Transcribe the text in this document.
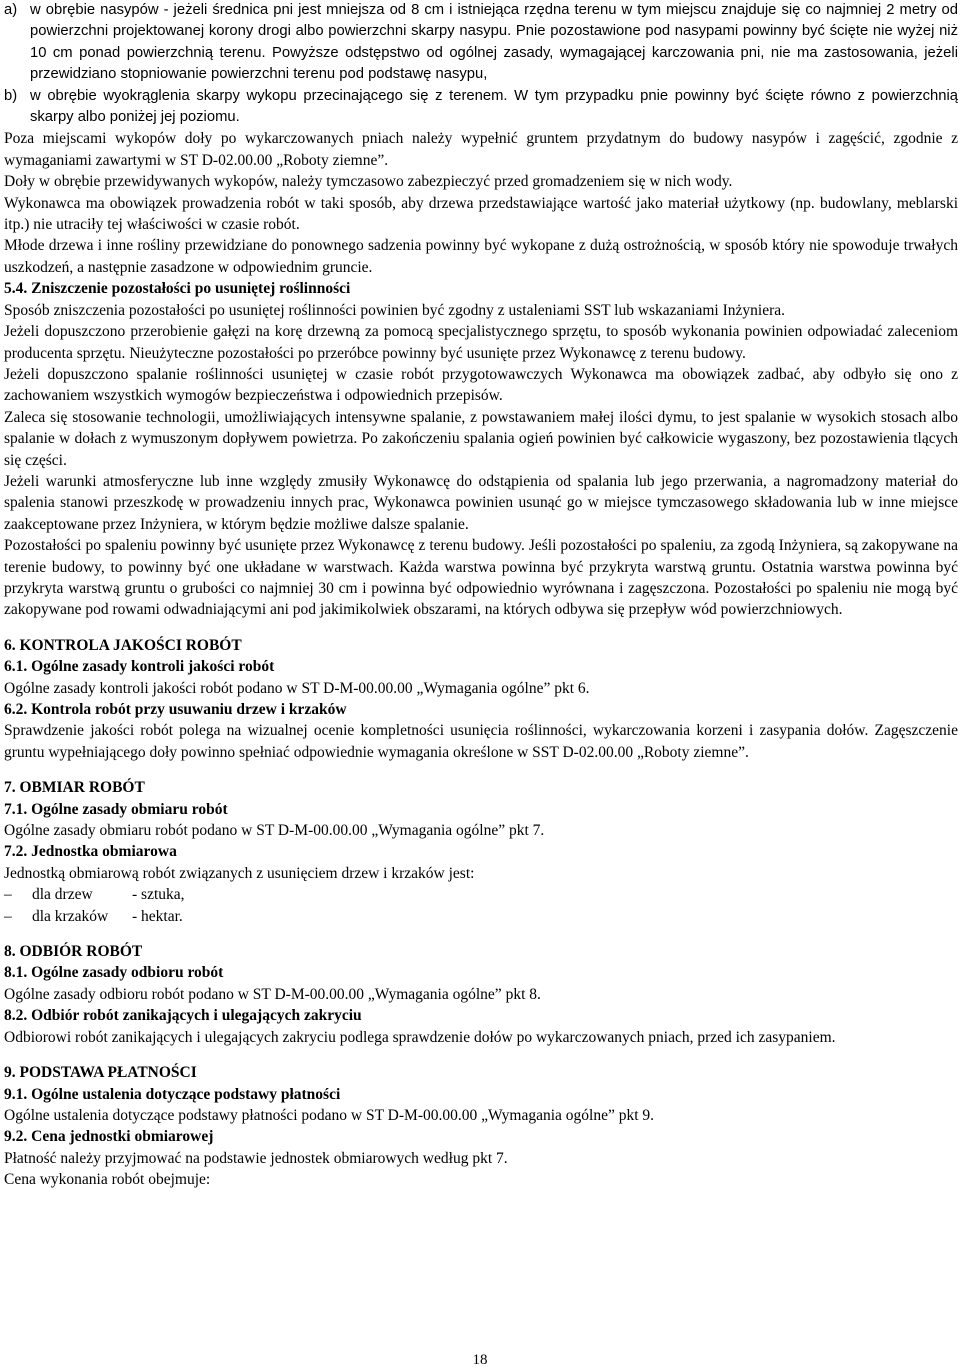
a) w obrębie nasypów - jeżeli średnica pni jest mniejsza od 8 cm i istniejąca rzędna terenu w tym miejscu znajduje się co najmniej 2 metry od powierzchni projektowanej korony drogi albo powierzchni skarpy nasypu. Pnie pozostawione pod nasypami powinny być ścięte nie wyżej niż 10 cm ponad powierzchnią terenu. Powyższe odstępstwo od ogólnej zasady, wymagającej karczowania pni, nie ma zastosowania, jeżeli przewidziano stopniowanie powierzchni terenu pod podstawę nasypu,
b) w obrębie wyokrąglenia skarpy wykopu przecinającego się z terenem. W tym przypadku pnie powinny być ścięte równo z powierzchnią skarpy albo poniżej jej poziomu.

Poza miejscami wykopów doły po wykarczowanych pniach należy wypełnić gruntem przydatnym do budowy nasypów i zagęścić, zgodnie z wymaganiami zawartymi w ST D-02.00.00 „Roboty ziemne”.

Doły w obrębie przewidywanych wykopów, należy tymczasowo zabezpieczyć przed gromadzeniem się w nich wody.

Wykonawca ma obowiązek prowadzenia robót w taki sposób, aby drzewa przedstawiające wartość jako materiał użytkowy (np. budowlany, meblarski itp.) nie utraciły tej właściwości w czasie robót.

Młode drzewa i inne rośliny przewidziane do ponownego sadzenia powinny być wykopane z dużą ostrożnością, w sposób który nie spowoduje trwałych uszkodzeń, a następnie zasadzone w odpowiednim gruncie.

5.4. Zniszczenie pozostałości po usuniętej roślinności

Sposób zniszczenia pozostałości po usuniętej roślinności powinien być zgodny z ustaleniami SST lub wskazaniami Inżyniera.

Jeżeli dopuszczono przerobienie gałęzi na korę drzewną za pomocą specjalistycznego sprzętu, to sposób wykonania powinien odpowiadać zaleceniom producenta sprzętu. Nieużyteczne pozostałości po przeróbce powinny być usunięte przez Wykonawcę z terenu budowy.

Jeżeli dopuszczono spalanie roślinności usuniętej w czasie robót przygotowawczych Wykonawca ma obowiązek zadbać, aby odbyło się ono z zachowaniem wszystkich wymogów bezpieczeństwa i odpowiednich przepisów.

Zaleca się stosowanie technologii, umożliwiających intensywne spalanie, z powstawaniem małej ilości dymu, to jest spalanie w wysokich stosach albo spalanie w dołach z wymuszonym dopływem powietrza. Po zakończeniu spalania ogień powinien być całkowicie wygaszony, bez pozostawienia tlących się części.

Jeżeli warunki atmosferyczne lub inne względy zmusiły Wykonawcę do odstąpienia od spalania lub jego przerwania, a nagromadzony materiał do spalenia stanowi przeszkodę w prowadzeniu innych prac, Wykonawca powinien usunąć go w miejsce tymczasowego składowania lub w inne miejsce zaakceptowane przez Inżyniera, w którym będzie możliwe dalsze spalanie.

Pozostałości po spaleniu powinny być usunięte przez Wykonawcę z terenu budowy. Jeśli pozostałości po spaleniu, za zgodą Inżyniera, są zakopywane na terenie budowy, to powinny być one układane w warstwach. Każda warstwa powinna być przykryta warstwą gruntu. Ostatnia warstwa powinna być przykryta warstwą gruntu o grubości co najmniej 30 cm i powinna być odpowiednio wyrównana i zagęszczona. Pozostałości po spaleniu nie mogą być zakopywane pod rowami odwadniającymi ani pod jakimikolwiek obszarami, na których odbywa się przepływ wód powierzchniowych.

6. KONTROLA JAKOŚCI ROBÓT

6.1. Ogólne zasady kontroli jakości robót

Ogólne zasady kontroli jakości robót podano w ST D-M-00.00.00 „Wymagania ogólne” pkt 6.

6.2. Kontrola robót przy usuwaniu drzew i krzaków

Sprawdzenie jakości robót polega na wizualnej ocenie kompletności usunięcia roślinności, wykarczowania korzeni i zasypania dołów. Zagęszczenie gruntu wypełniającego doły powinno spełniać odpowiednie wymagania określone w SST D-02.00.00 „Roboty ziemne”.

7. OBMIAR ROBÓT

7.1. Ogólne zasady obmiaru robót

Ogólne zasady obmiaru robót podano w ST D-M-00.00.00 „Wymagania ogólne” pkt 7.

7.2. Jednostka obmiarowa

Jednostką obmiarową robót związanych z usunięciem drzew i krzaków jest:

–	dla drzew	- sztuka,
–	dla krzaków	- hektar.

8. ODBIÓR ROBÓT

8.1. Ogólne zasady odbioru robót

Ogólne zasady odbioru robót podano w ST D-M-00.00.00 „Wymagania ogólne” pkt 8.

8.2. Odbiór robót zanikających i ulegających zakryciu

Odbiorowi robót zanikających i ulegających zakryciu podlega sprawdzenie dołów po wykarczowanych pniach, przed ich zasypaniem.

9. PODSTAWA PŁATNOŚCI

9.1. Ogólne ustalenia dotyczące podstawy płatności

Ogólne ustalenia dotyczące podstawy płatności podano w ST D-M-00.00.00 „Wymagania ogólne” pkt 9.

9.2. Cena jednostki obmiarowej

Płatność należy przyjmować na podstawie jednostek obmiarowych według pkt 7.

Cena wykonania robót obejmuje:

18
